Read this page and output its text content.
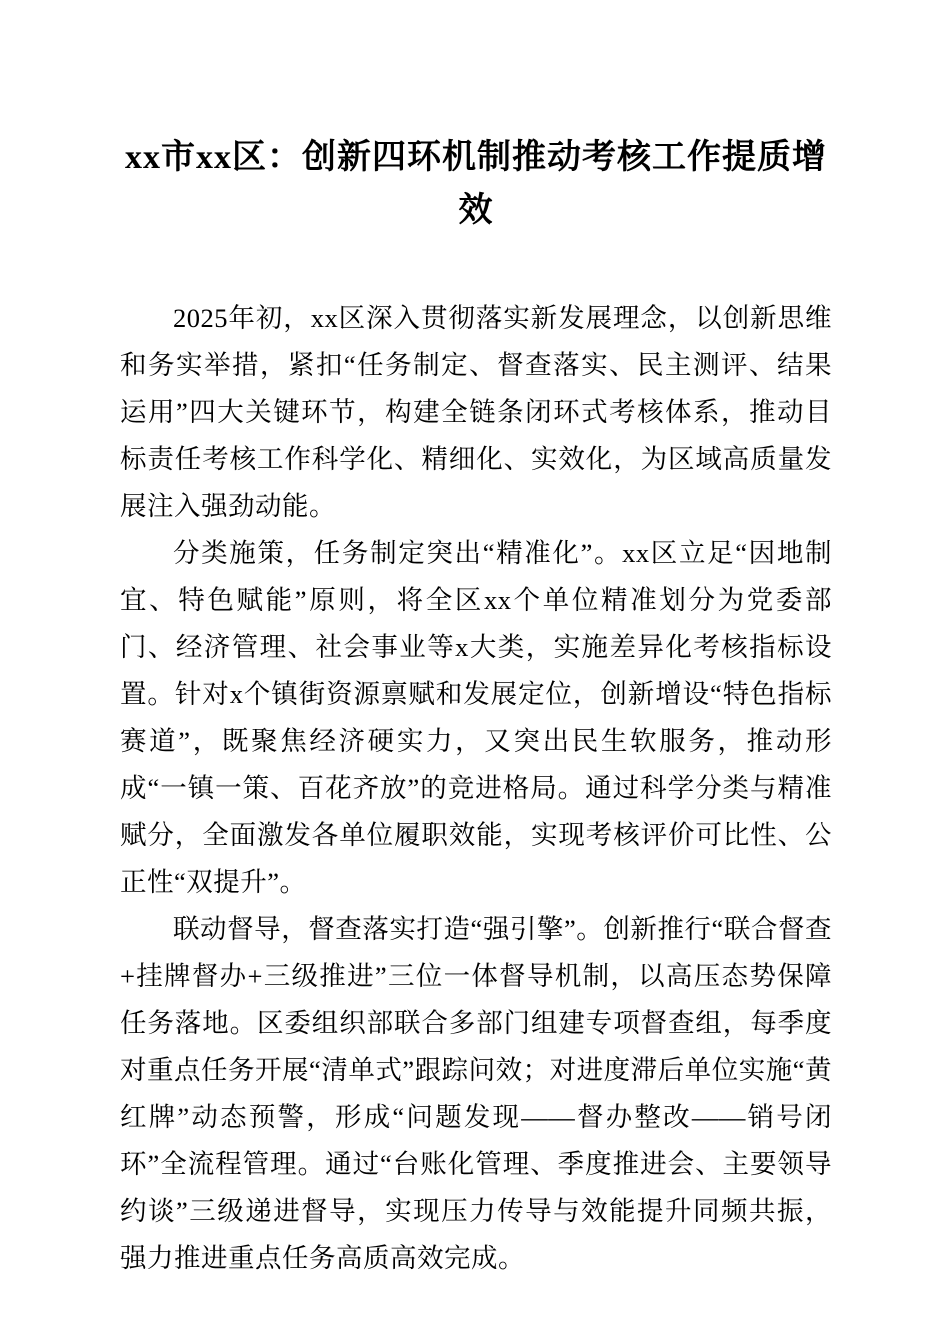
xx市xx区：创新四环机制推动考核工作提质增效

2025年初，xx区深入贯彻落实新发展理念，以创新思维和务实举措，紧扣“任务制定、督查落实、民主测评、结果运用”四大关键环节，构建全链条闭环式考核体系，推动目标责任考核工作科学化、精细化、实效化，为区域高质量发展注入强劲动能。

分类施策，任务制定突出“精准化”。xx区立足“因地制宜、特色赋能”原则，将全区xx个单位精准划分为党委部门、经济管理、社会事业等x大类，实施差异化考核指标设置。针对x个镇街资源禀赋和发展定位，创新增设“特色指标赛道”，既聚焦经济硬实力，又突出民生软服务，推动形成“一镇一策、百花齐放”的竞进格局。通过科学分类与精准赋分，全面激发各单位履职效能，实现考核评价可比性、公正性“双提升”。

联动督导，督查落实打造“强引擎”。创新推行“联合督查+挂牌督办+三级推进”三位一体督导机制，以高压态势保障任务落地。区委组织部联合多部门组建专项督查组，每季度对重点任务开展“清单式”跟踪问效；对进度滞后单位实施“黄红牌”动态预警，形成“问题发现——督办整改——销号闭环”全流程管理。通过“台账化管理、季度推进会、主要领导约谈”三级递进督导，实现压力传导与效能提升同频共振，强力推进重点任务高质高效完成。
